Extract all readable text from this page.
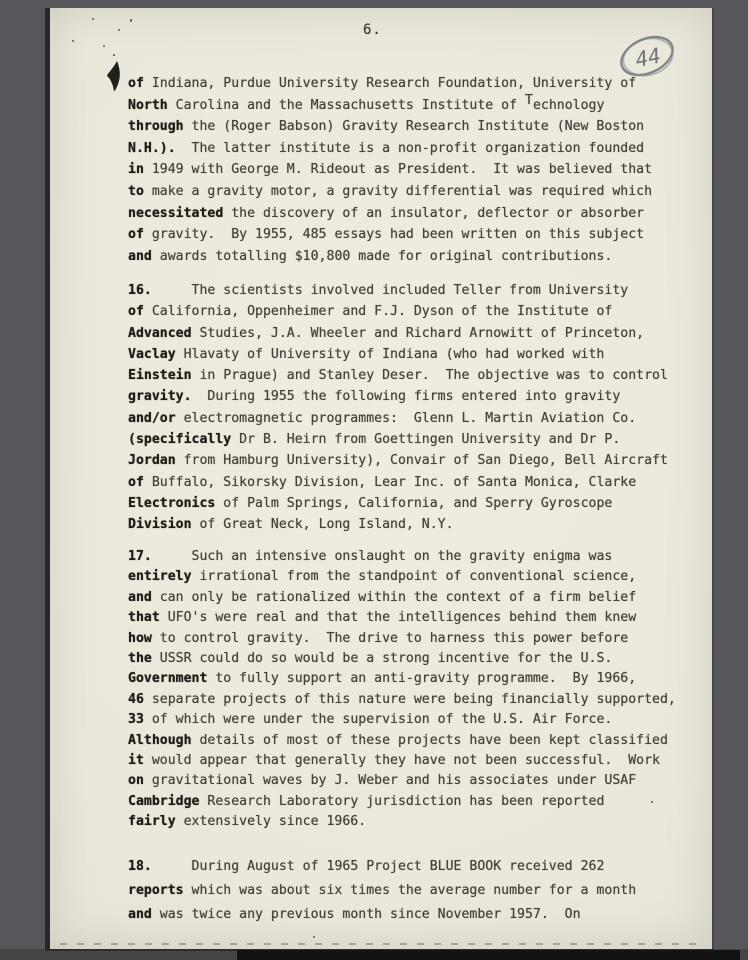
6.
44
of Indiana, Purdue University Research Foundation, University of
North Carolina and the Massachusetts Institute of Technology
through the (Roger Babson) Gravity Research Institute (New Boston
N.H.).  The latter institute is a non-profit organization founded
in 1949 with George M. Rideout as President.  It was believed that
to make a gravity motor, a gravity differential was required which
necessitated the discovery of an insulator, deflector or absorber
of gravity.  By 1955, 485 essays had been written on this subject
and awards totalling $10,800 made for original contributions.
16.     The scientists involved included Teller from University
of California, Oppenheimer and F.J. Dyson of the Institute of
Advanced Studies, J.A. Wheeler and Richard Arnowitt of Princeton,
Vaclay Hlavaty of University of Indiana (who had worked with
Einstein in Prague) and Stanley Deser.  The objective was to control
gravity.  During 1955 the following firms entered into gravity
and/or electromagnetic programmes:  Glenn L. Martin Aviation Co.
(specifically Dr B. Heirn from Goettingen University and Dr P.
Jordan from Hamburg University), Convair of San Diego, Bell Aircraft
of Buffalo, Sikorsky Division, Lear Inc. of Santa Monica, Clarke
Electronics of Palm Springs, California, and Sperry Gyroscope
Division of Great Neck, Long Island, N.Y.
17.     Such an intensive onslaught on the gravity enigma was
entirely irrational from the standpoint of conventional science,
and can only be rationalized within the context of a firm belief
that UFO's were real and that the intelligences behind them knew
how to control gravity.  The drive to harness this power before
the USSR could do so would be a strong incentive for the U.S.
Government to fully support an anti-gravity programme.  By 1966,
46 separate projects of this nature were being financially supported,
33 of which were under the supervision of the U.S. Air Force.
Although details of most of these projects have been kept classified
it would appear that generally they have not been successful.  Work
on gravitational waves by J. Weber and his associates under USAF
Cambridge Research Laboratory jurisdiction has been reported
fairly extensively since 1966.
18.     During August of 1965 Project BLUE BOOK received 262
reports which was about six times the average number for a month
and was twice any previous month since November 1957.  On
